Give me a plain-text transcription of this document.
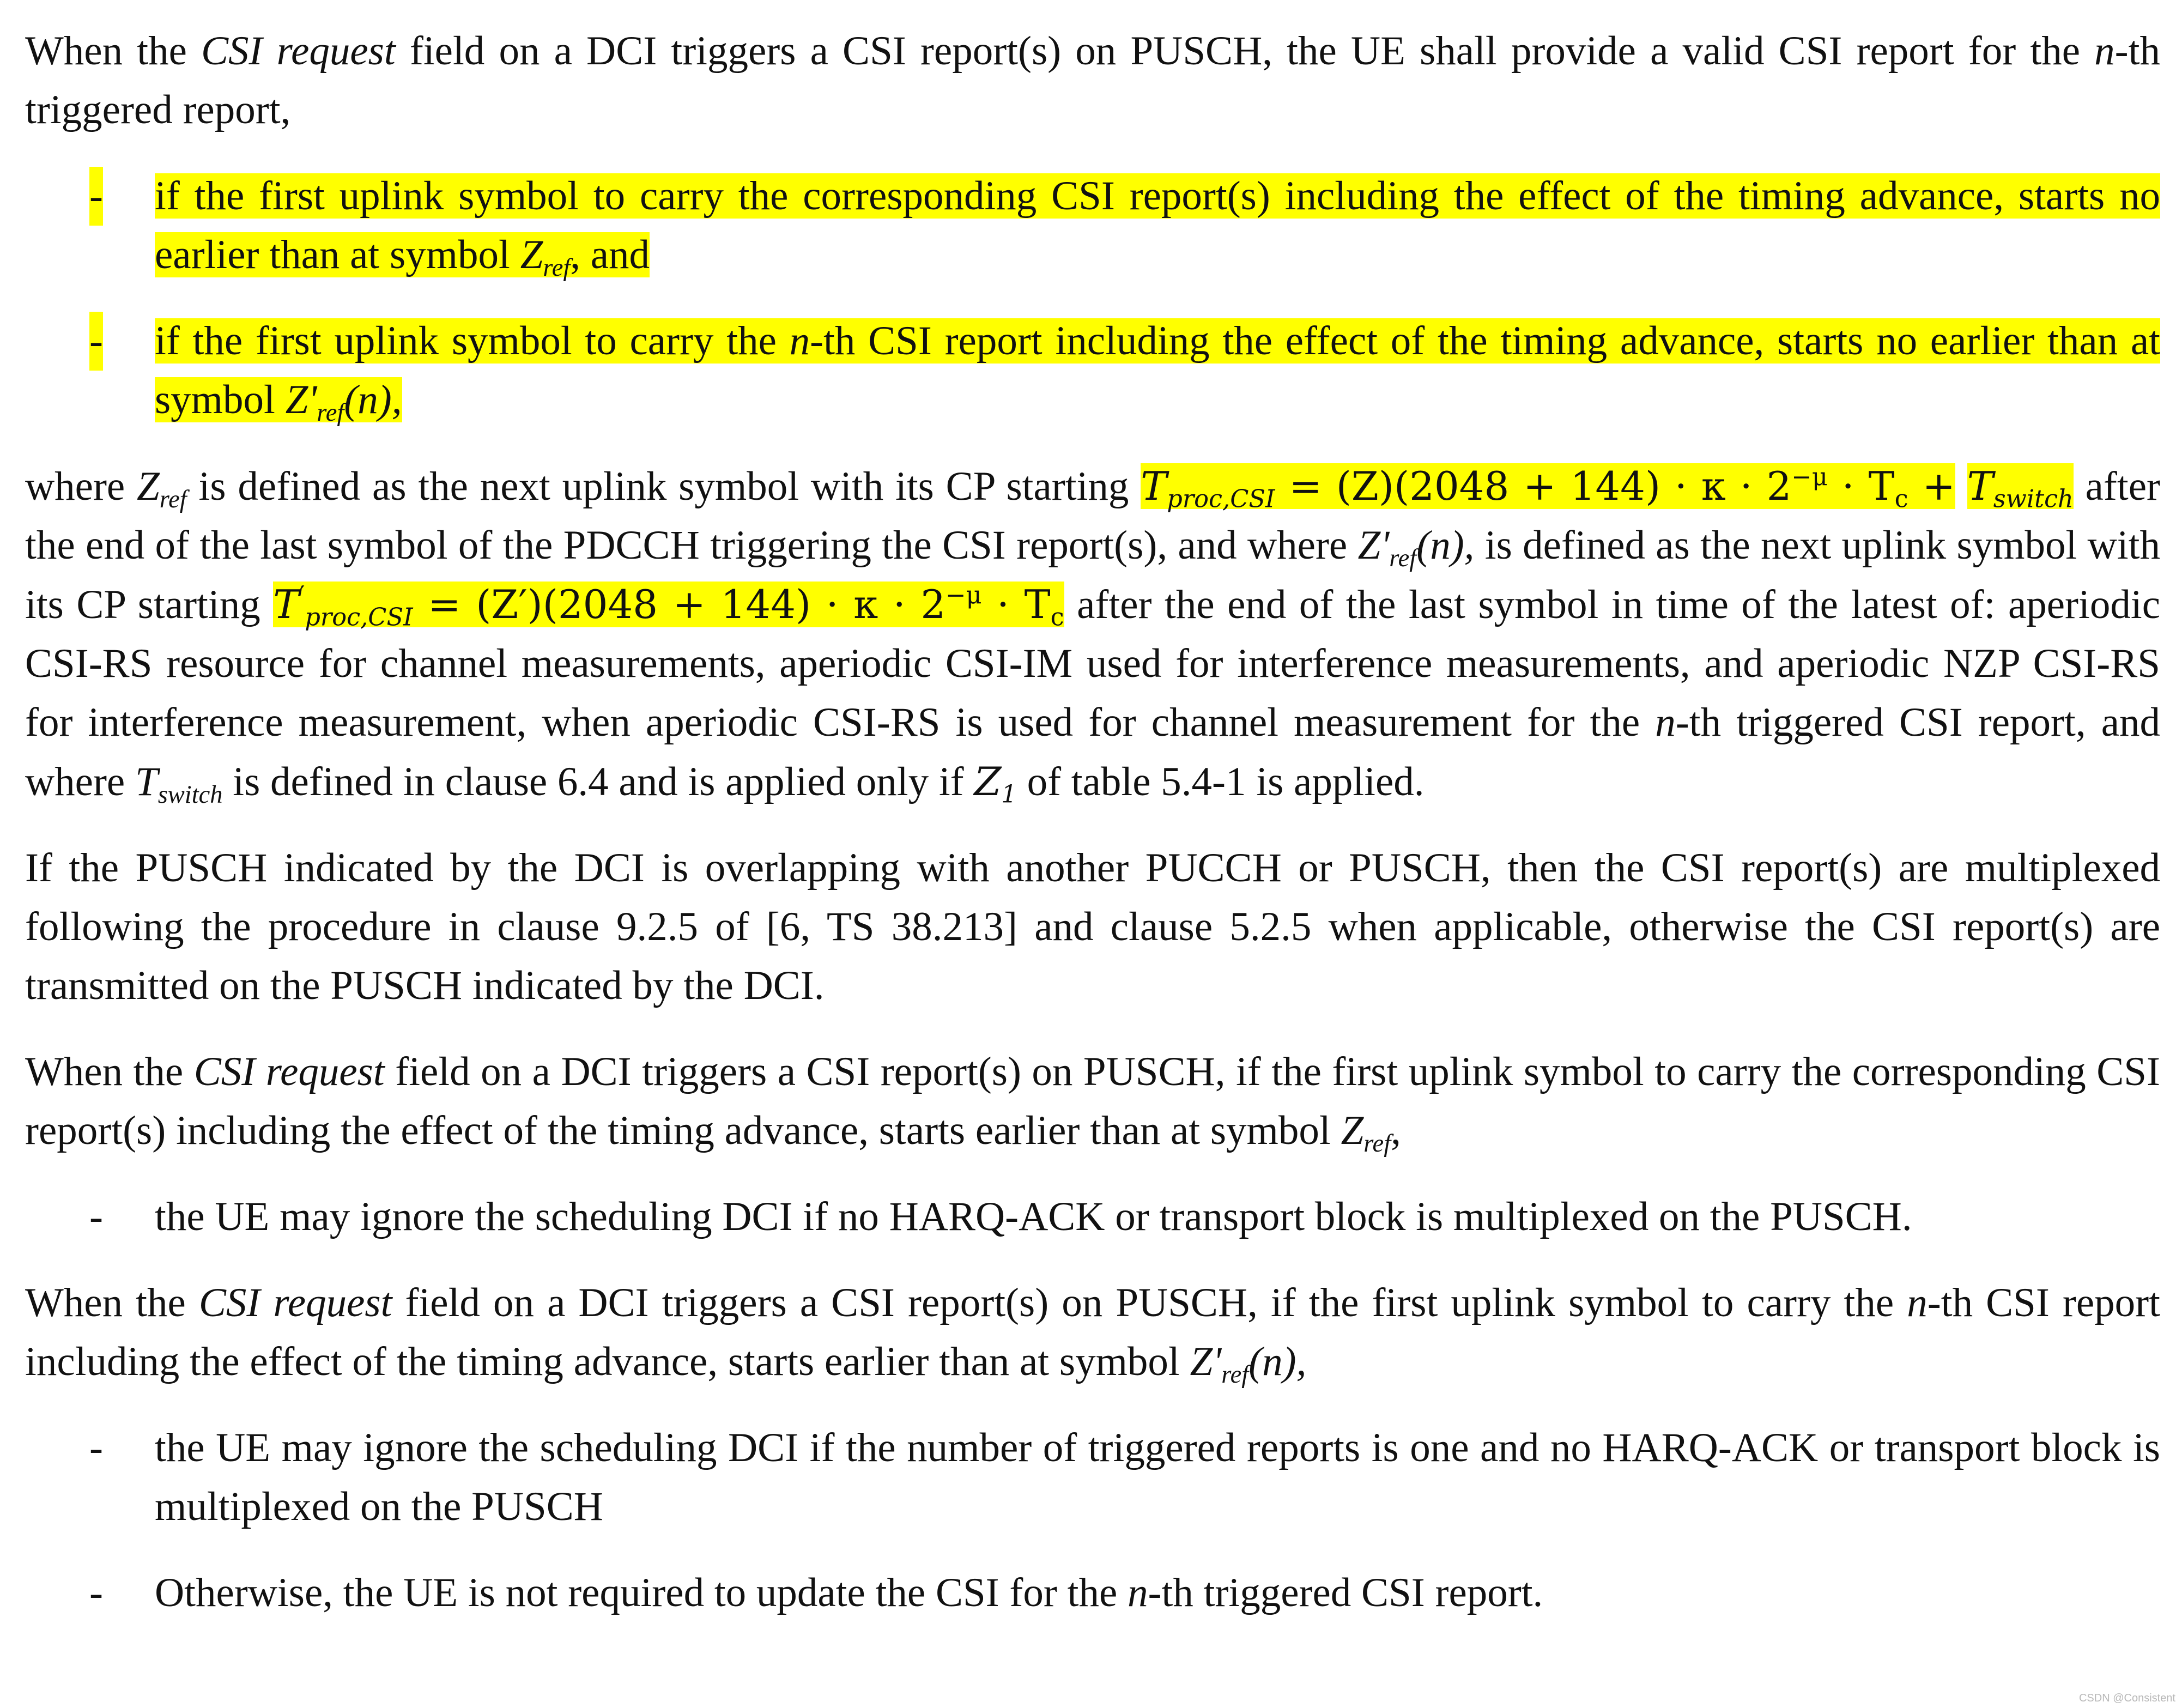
When the CSI request field on a DCI triggers a CSI report(s) on PUSCH, the UE shall provide a valid CSI report for the n-th triggered report,

- if the first uplink symbol to carry the corresponding CSI report(s) including the effect of the timing advance, starts no earlier than at symbol $Z_{ref}$, and
- if the first uplink symbol to carry the n-th CSI report including the effect of the timing advance, starts no earlier than at symbol $Z'_{ref}(n)$,

where $Z_{ref}$ is defined as the next uplink symbol with its CP starting $T_{proc,CSI} = (Z)(2048 + 144) \cdot \kappa \cdot 2^{-\mu} \cdot T_c + T_{switch}$ after the end of the last symbol of the PDCCH triggering the CSI report(s), and where $Z'_{ref}(n)$, is defined as the next uplink symbol with its CP starting $T'_{proc,CSI} = (Z')(2048 + 144) \cdot \kappa \cdot 2^{-\mu} \cdot T_c$ after the end of the last symbol in time of the latest of: aperiodic CSI-RS resource for channel measurements, aperiodic CSI-IM used for interference measurements, and aperiodic NZP CSI-RS for interference measurement, when aperiodic CSI-RS is used for channel measurement for the n-th triggered CSI report, and where $T_{switch}$ is defined in clause 6.4 and is applied only if $Z_1$ of table 5.4-1 is applied.

If the PUSCH indicated by the DCI is overlapping with another PUCCH or PUSCH, then the CSI report(s) are multiplexed following the procedure in clause 9.2.5 of [6, TS 38.213] and clause 5.2.5 when applicable, otherwise the CSI report(s) are transmitted on the PUSCH indicated by the DCI.

When the CSI request field on a DCI triggers a CSI report(s) on PUSCH, if the first uplink symbol to carry the corresponding CSI report(s) including the effect of the timing advance, starts earlier than at symbol $Z_{ref}$,

- the UE may ignore the scheduling DCI if no HARQ-ACK or transport block is multiplexed on the PUSCH.

When the CSI request field on a DCI triggers a CSI report(s) on PUSCH, if the first uplink symbol to carry the n-th CSI report including the effect of the timing advance, starts earlier than at symbol $Z'_{ref}(n)$,

- the UE may ignore the scheduling DCI if the number of triggered reports is one and no HARQ-ACK or transport block is multiplexed on the PUSCH
- Otherwise, the UE is not required to update the CSI for the n-th triggered CSI report.
CSDN @Consistent
